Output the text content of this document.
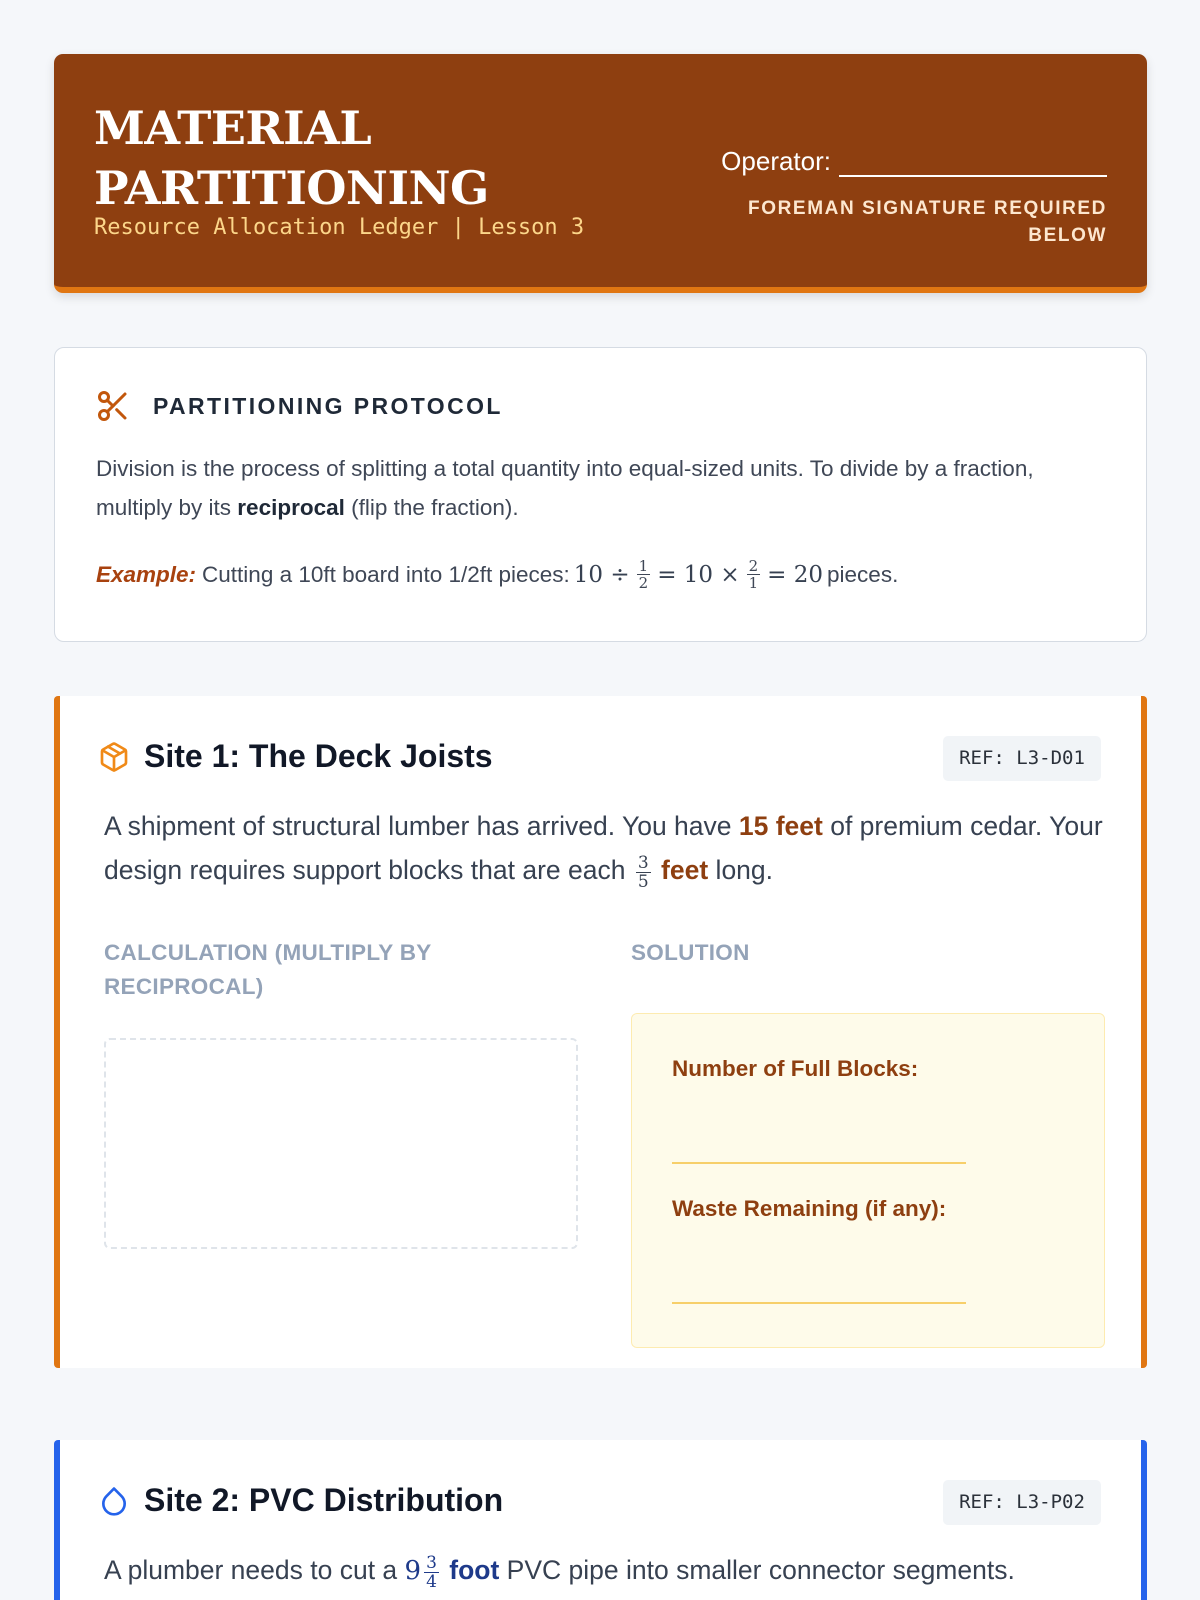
MATERIAL
PARTITIONING
Resource Allocation Ledger | Lesson 3
Operator:
FOREMAN SIGNATURE REQUIRED BELOW
PARTITIONING PROTOCOL

Division is the process of splitting a total quantity into equal-sized units. To divide by a fraction, multiply by its reciprocal (flip the fraction).

Example: Cutting a 10ft board into 1/2ft pieces: $10 \div \frac{1}{2} = 10 \times \frac{2}{1} = 20$ pieces.
Site 1: The Deck Joists	REF: L3-D01

A shipment of structural lumber has arrived. You have 15 feet of premium cedar. Your design requires support blocks that are each $\frac{3}{5}$ feet long.

CALCULATION (MULTIPLY BY RECIPROCAL)
SOLUTION
Number of Full Blocks:
Waste Remaining (if any):
Site 2: PVC Distribution	REF: L3-P02

A plumber needs to cut a $9 \frac{3}{4}$ foot PVC pipe into smaller connector segments.
